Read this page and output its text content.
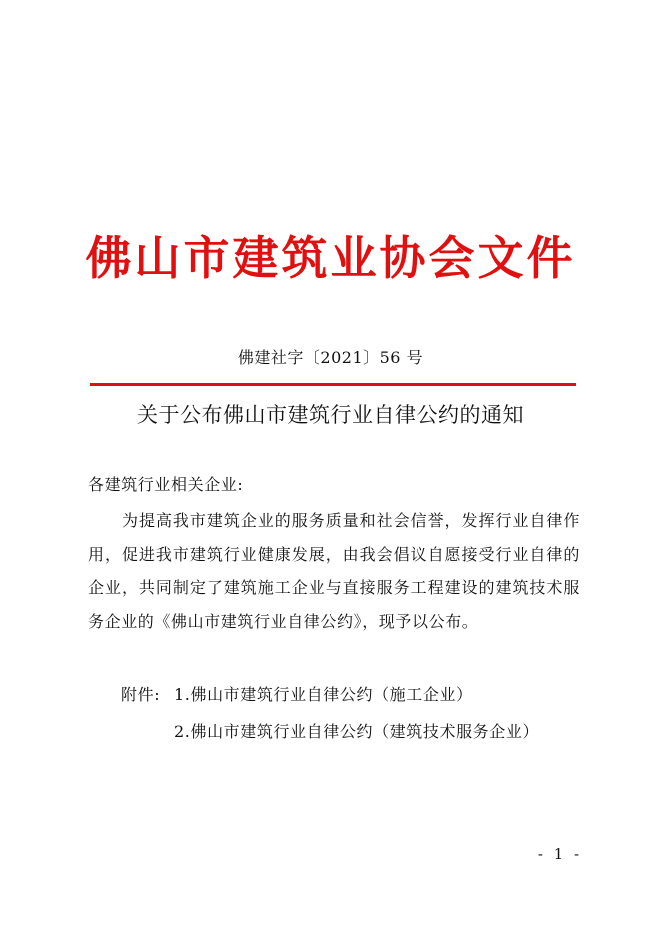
佛山市建筑业协会文件
佛建社字〔2021〕56 号
关于公布佛山市建筑行业自律公约的通知
各建筑行业相关企业:
为提高我市建筑企业的服务质量和社会信誉，发挥行业自律作用，促进我市建筑行业健康发展，由我会倡议自愿接受行业自律的企业，共同制定了建筑施工企业与直接服务工程建设的建筑技术服务企业的《佛山市建筑行业自律公约》，现予以公布。
附件: 1.佛山市建筑行业自律公约（施工企业）
2.佛山市建筑行业自律公约（建筑技术服务企业）
- 1 -
